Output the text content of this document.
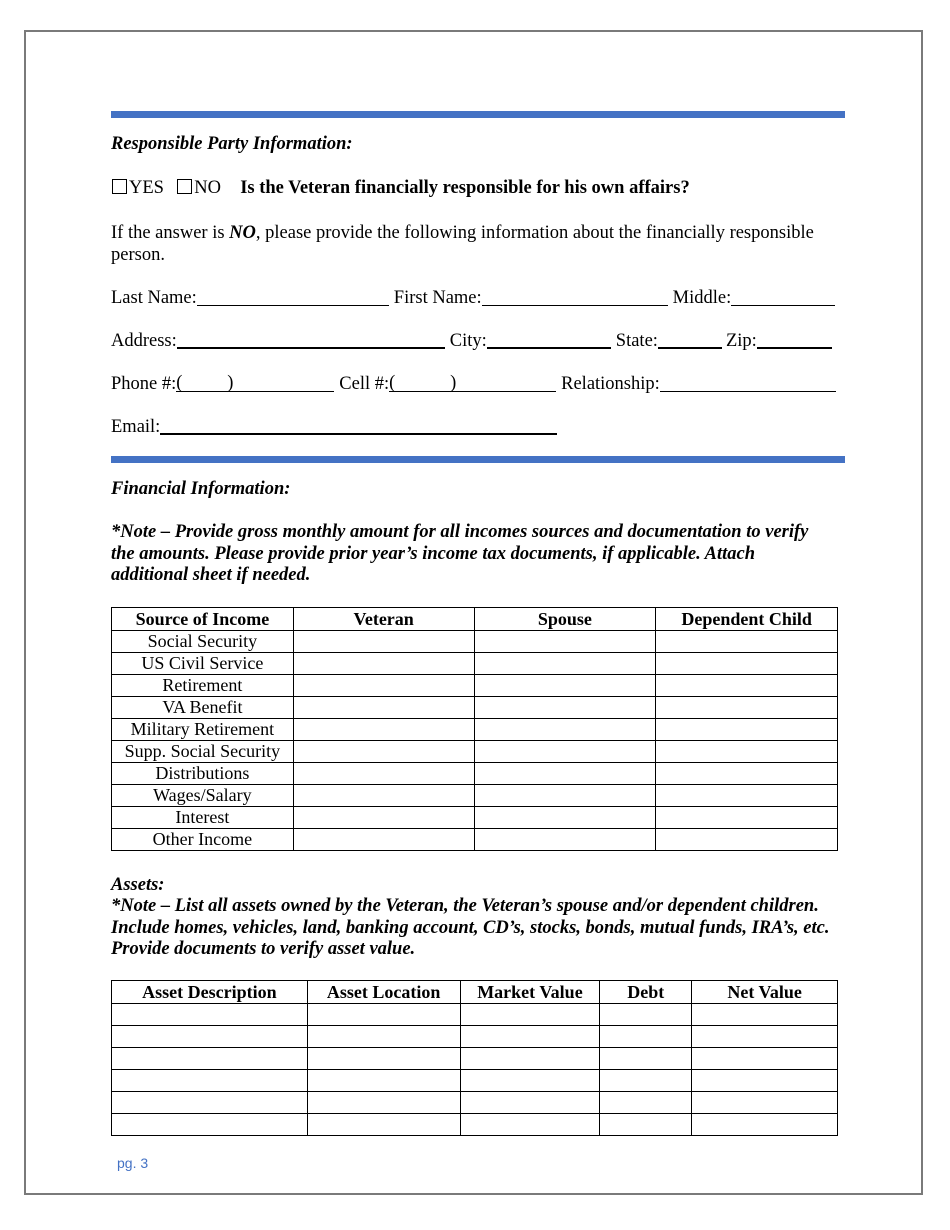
Responsible Party Information:
YES NO Is the Veteran financially responsible for his own affairs?
If the answer is NO, please provide the following information about the financially responsible person.
Last Name:	First Name:	Middle:
Address:	City:	State:	Zip:
Phone #: ( )	Cell #: (	)	Relationship:
Email:
Financial Information:
*Note – Provide gross monthly amount for all incomes sources and documentation to verify the amounts. Please provide prior year’s income tax documents, if applicable. Attach additional sheet if needed.
Source of Income	Veteran	Spouse	Dependent Child
Social Security			
US Civil Service			
Retirement			
VA Benefit			
Military Retirement			
Supp. Social Security			
Distributions			
Wages/Salary			
Interest			
Other Income			
Assets:
*Note – List all assets owned by the Veteran, the Veteran’s spouse and/or dependent children. Include homes, vehicles, land, banking account, CD’s, stocks, bonds, mutual funds, IRA’s, etc. Provide documents to verify asset value.
Asset Description	Asset Location	Market Value	Debt	Net Value

pg. 3
